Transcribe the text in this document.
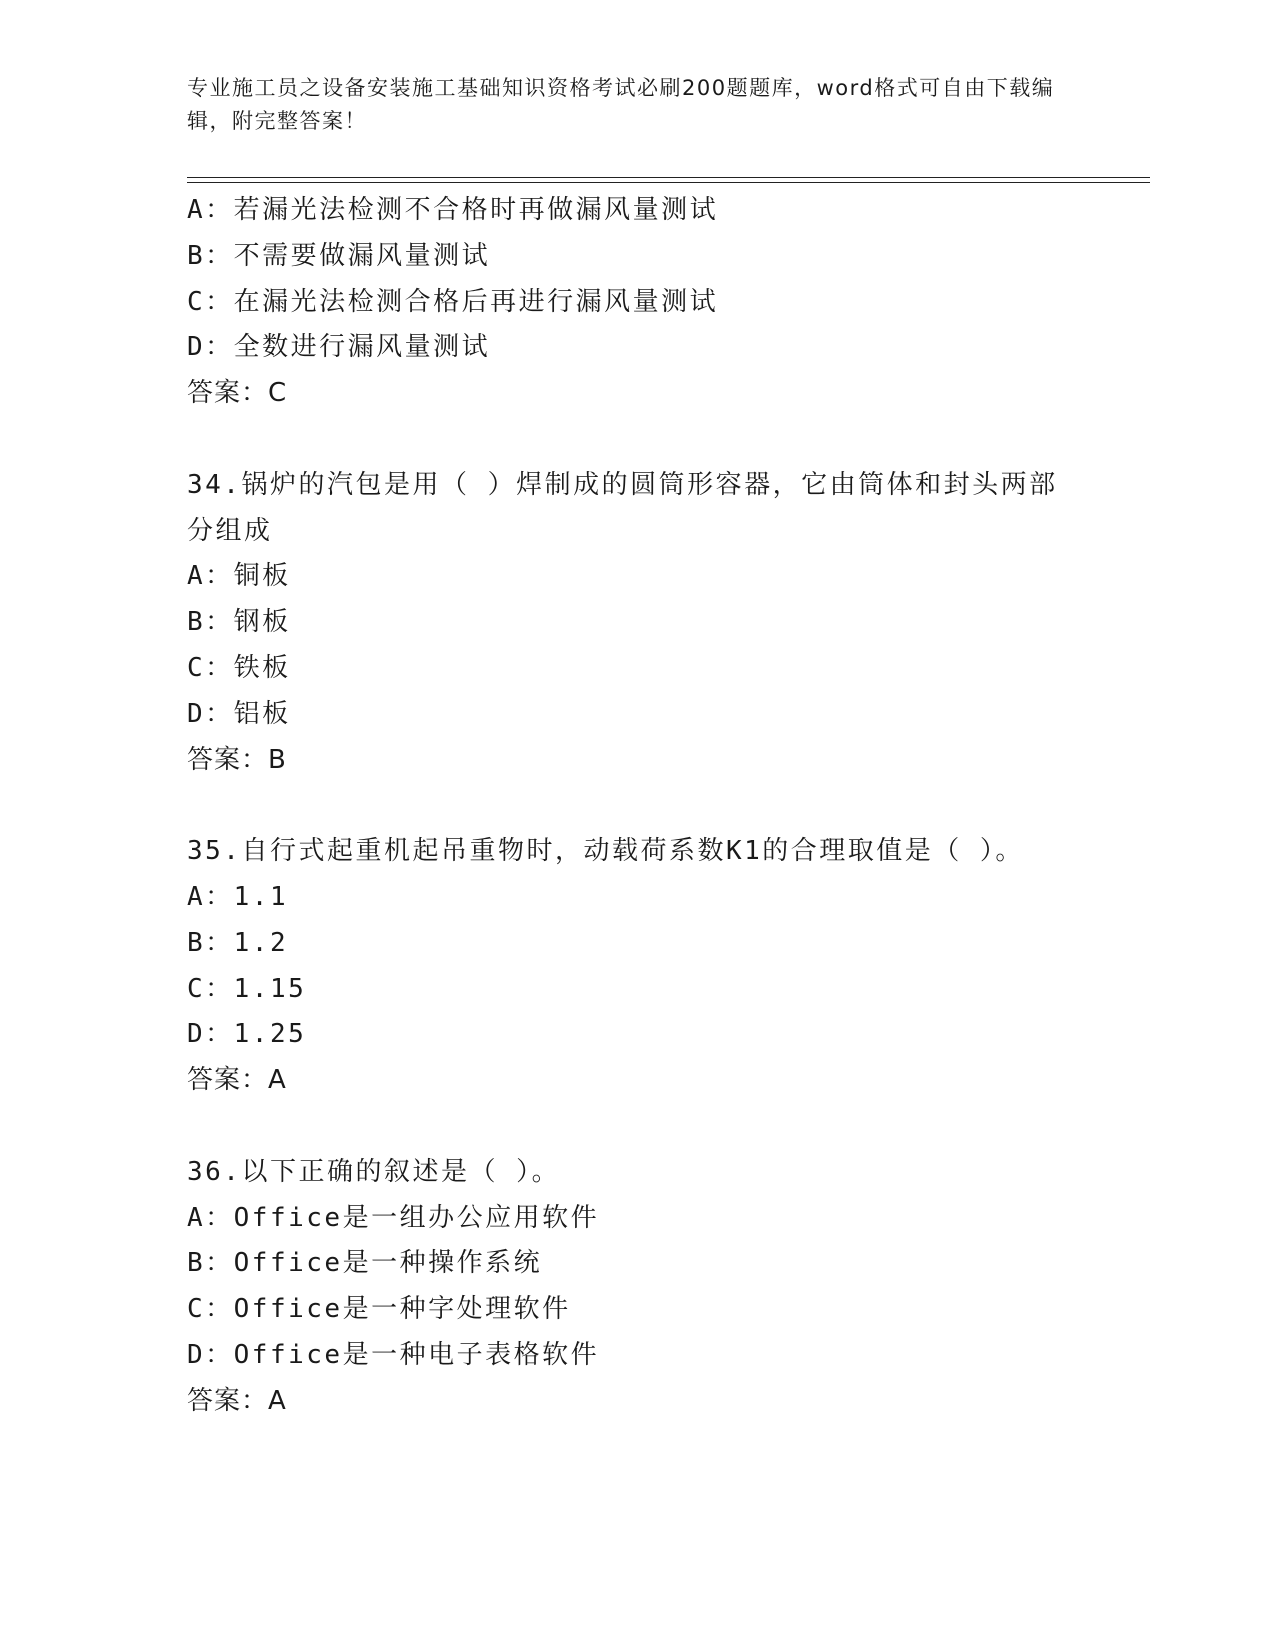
专业施工员之设备安装施工基础知识资格考试必刷200题题库，word格式可自由下载编辑，附完整答案！
A：若漏光法检测不合格时再做漏风量测试
B：不需要做漏风量测试
C：在漏光法检测合格后再进行漏风量测试
D：全数进行漏风量测试
答案：C
34.锅炉的汽包是用（ ）焊制成的圆筒形容器，它由筒体和封头两部
分组成
A：铜板
B：钢板
C：铁板
D：铝板
答案：B
35.自行式起重机起吊重物时，动载荷系数K1的合理取值是（ ）。
A：1.1
B：1.2
C：1.15
D：1.25
答案：A
36.以下正确的叙述是（ ）。
A：Office是一组办公应用软件
B：Office是一种操作系统
C：Office是一种字处理软件
D：Office是一种电子表格软件
答案：A
